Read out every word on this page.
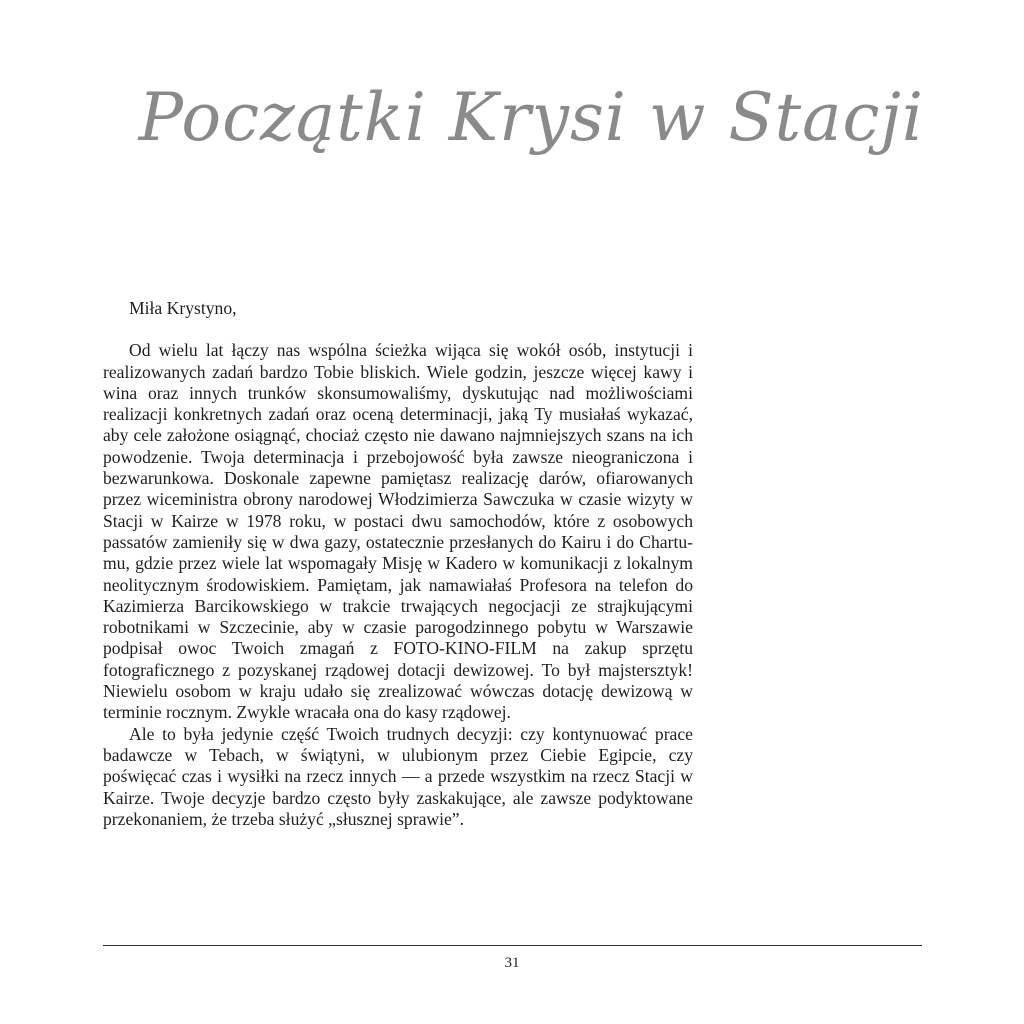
Początki Krysi w Stacji

Miła Krystyno,

Od wielu lat łączy nas wspólna ścieżka wijąca się wokół osób, instytucji i realizowanych zadań bardzo Tobie bliskich. Wiele godzin, jeszcze więcej kawy i wina oraz innych trunków skonsumowaliśmy, dyskutując nad możliwościami realizacji konkretnych zadań oraz oceną determinacji, jaką Ty musiałaś wykazać, aby cele założone osiągnąć, chociaż często nie dawano najmniejszych szans na ich powodzenie. Twoja determinacja i przebojowość była zawsze nieograniczona i bezwarunkowa. Doskonale zapewne pamiętasz realizację darów, ofiarowanych przez wiceministra obrony narodowej Włodzimierza Sawczuka w czasie wizyty w Stacji w Kairze w 1978 roku, w postaci dwu samochodów, które z osobowych passatów zamieniły się w dwa gazy, ostatecznie przesłanych do Kairu i do Chartumu, gdzie przez wiele lat wspomagały Misję w Kadero w komunikacji z lokalnym neolitycznym środowiskiem. Pamiętam, jak namawiałaś Profesora na telefon do Kazimierza Barcikowskiego w trakcie trwających negocjacji ze strajkującymi robotnikami w Szczecinie, aby w czasie parogodzinnego pobytu w Warszawie podpisał owoc Twoich zmagań z FOTO-KINO-FILM na zakup sprzętu fotograficznego z pozyskanej rządowej dotacji dewizowej. To był majstersztyk! Niewielu osobom w kraju udało się zrealizować wówczas dotację dewizową w terminie rocznym. Zwykle wracała ona do kasy rządowej.

Ale to była jedynie część Twoich trudnych decyzji: czy kontynuować prace badawcze w Tebach, w świątyni, w ulubionym przez Ciebie Egipcie, czy poświęcać czas i wysiłki na rzecz innych — a przede wszystkim na rzecz Stacji w Kairze. Twoje decyzje bardzo często były zaskakujące, ale zawsze podyktowane przekonaniem, że trzeba służyć „słusznej sprawie”.

31
